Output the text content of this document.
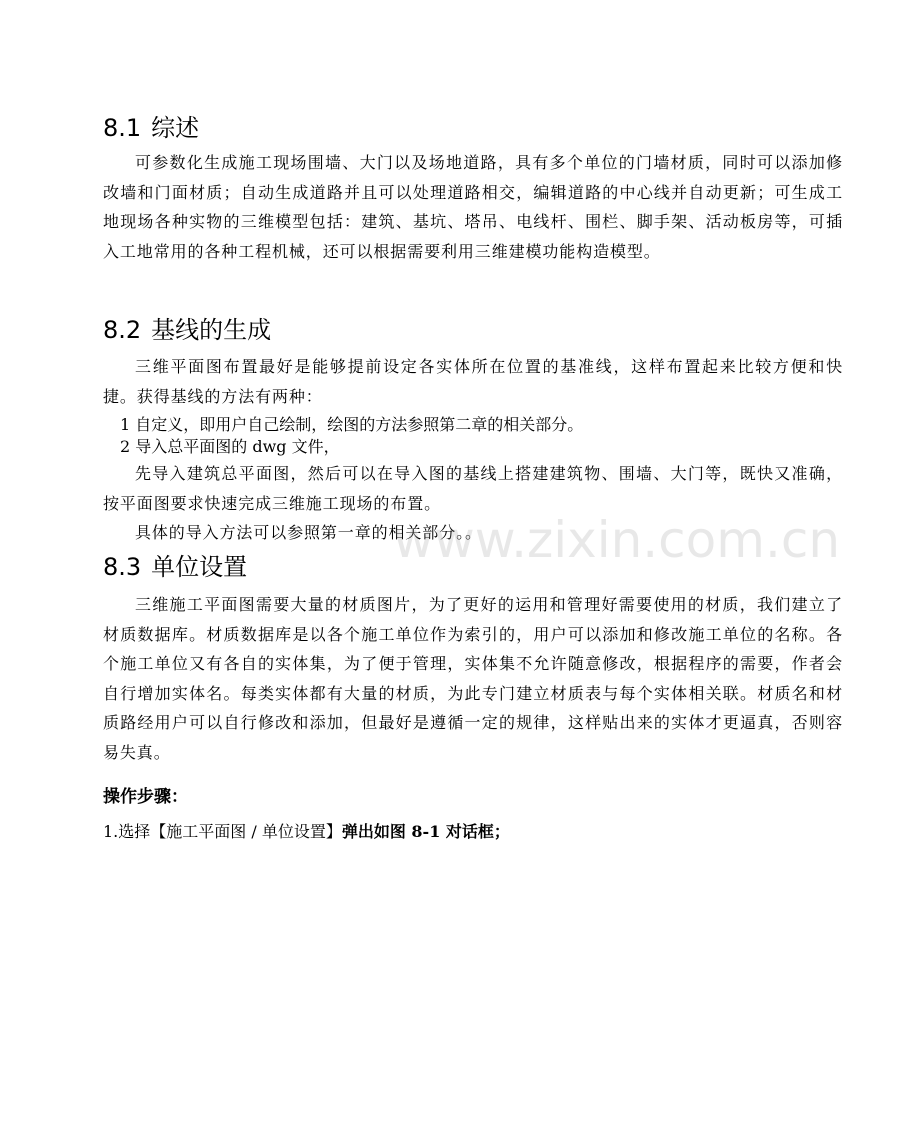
8.1 综述

可参数化生成施工现场围墙、大门以及场地道路，具有多个单位的门墙材质，同时可以添加修改墙和门面材质；自动生成道路并且可以处理道路相交，编辑道路的中心线并自动更新；可生成工地现场各种实物的三维模型包括：建筑、基坑、塔吊、电线杆、围栏、脚手架、活动板房等，可插入工地常用的各种工程机械，还可以根据需要利用三维建模功能构造模型。

8.2 基线的生成

三维平面图布置最好是能够提前设定各实体所在位置的基准线，这样布置起来比较方便和快捷。获得基线的方法有两种：

1 自定义，即用户自己绘制，绘图的方法参照第二章的相关部分。

2 导入总平面图的 dwg 文件，

先导入建筑总平面图，然后可以在导入图的基线上搭建建筑物、围墙、大门等，既快又准确，按平面图要求快速完成三维施工现场的布置。

具体的导入方法可以参照第一章的相关部分。。

8.3 单位设置

三维施工平面图需要大量的材质图片，为了更好的运用和管理好需要使用的材质，我们建立了材质数据库。材质数据库是以各个施工单位作为索引的，用户可以添加和修改施工单位的名称。各个施工单位又有各自的实体集，为了便于管理，实体集不允许随意修改，根据程序的需要，作者会自行增加实体名。每类实体都有大量的材质，为此专门建立材质表与每个实体相关联。材质名和材质路经用户可以自行修改和添加，但最好是遵循一定的规律，这样贴出来的实体才更逼真，否则容易失真。

操作步骤：

1.选择【施工平面图 / 单位设置】弹出如图 8-1 对话框；

www.zixin.com.cn
